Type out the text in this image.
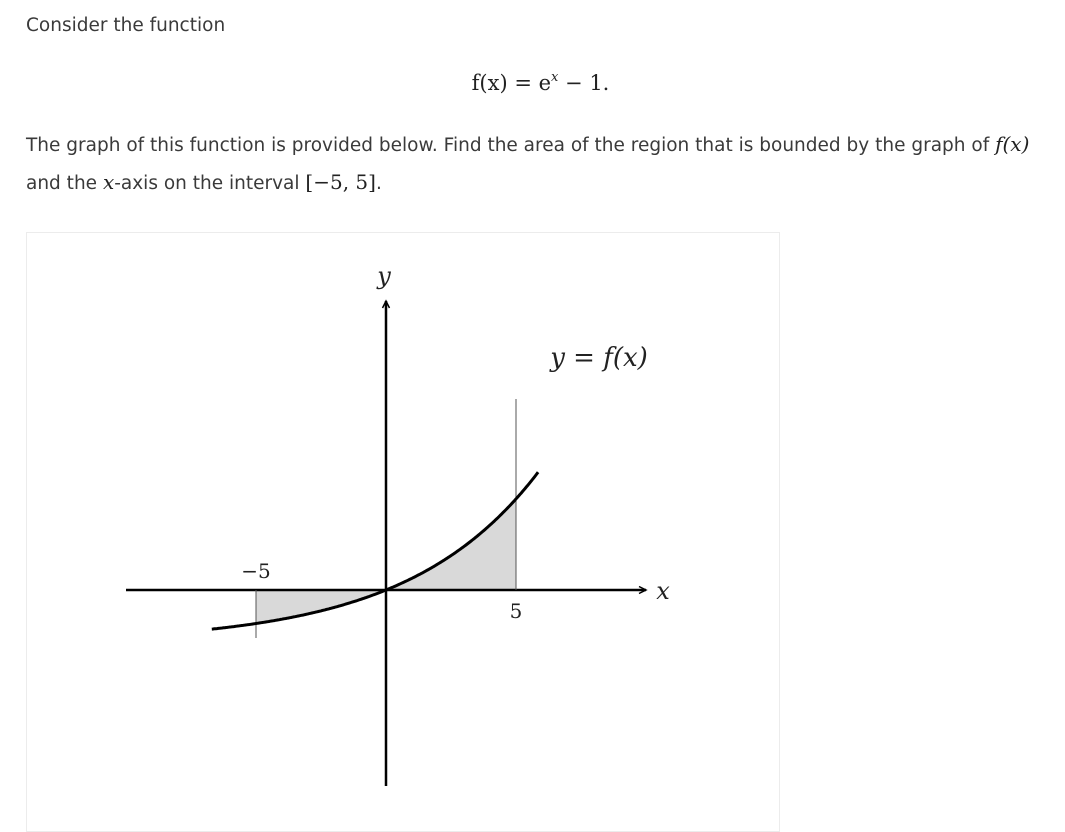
Consider the function
$f(x) = e^x - 1$.
The graph of this function is provided below. Find the area of the region that is bounded by the graph of f(x) and the x-axis on the interval [−5, 5].
y
x
y = f(x)
−5
5
